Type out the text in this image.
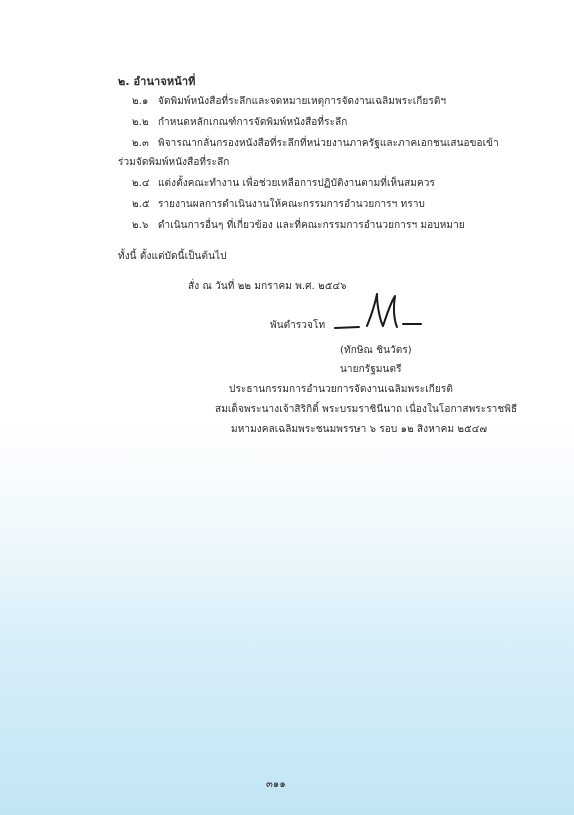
๒. อำนาจหน้าที่
๒.๑ จัดพิมพ์หนังสือที่ระลึกและจดหมายเหตุการจัดงานเฉลิมพระเกียรติฯ
๒.๒ กำหนดหลักเกณฑ์การจัดพิมพ์หนังสือที่ระลึก
๒.๓ พิจารณากลั่นกรองหนังสือที่ระลึกที่หน่วยงานภาครัฐและภาคเอกชนเสนอขอเข้า
ร่วมจัดพิมพ์หนังสือที่ระลึก
๒.๔ แต่งตั้งคณะทำงาน เพื่อช่วยเหลือการปฏิบัติงานตามที่เห็นสมควร
๒.๕ รายงานผลการดำเนินงานให้คณะกรรมการอำนวยการฯ ทราบ
๒.๖ ดำเนินการอื่นๆ ที่เกี่ยวข้อง และที่คณะกรรมการอำนวยการฯ มอบหมาย
ทั้งนี้ ตั้งแต่บัดนี้เป็นต้นไป
สั่ง ณ วันที่ ๒๒ มกราคม พ.ศ. ๒๕๔๖
พันตำรวจโท
(ทักษิณ ชินวัตร)
นายกรัฐมนตรี
ประธานกรรมการอำนวยการจัดงานเฉลิมพระเกียรติ
สมเด็จพระนางเจ้าสิริกิติ์ พระบรมราชินีนาถ เนื่องในโอกาสพระราชพิธี
มหามงคลเฉลิมพระชนมพรรษา ๖ รอบ ๑๒ สิงหาคม ๒๕๔๗
๓๑๑
